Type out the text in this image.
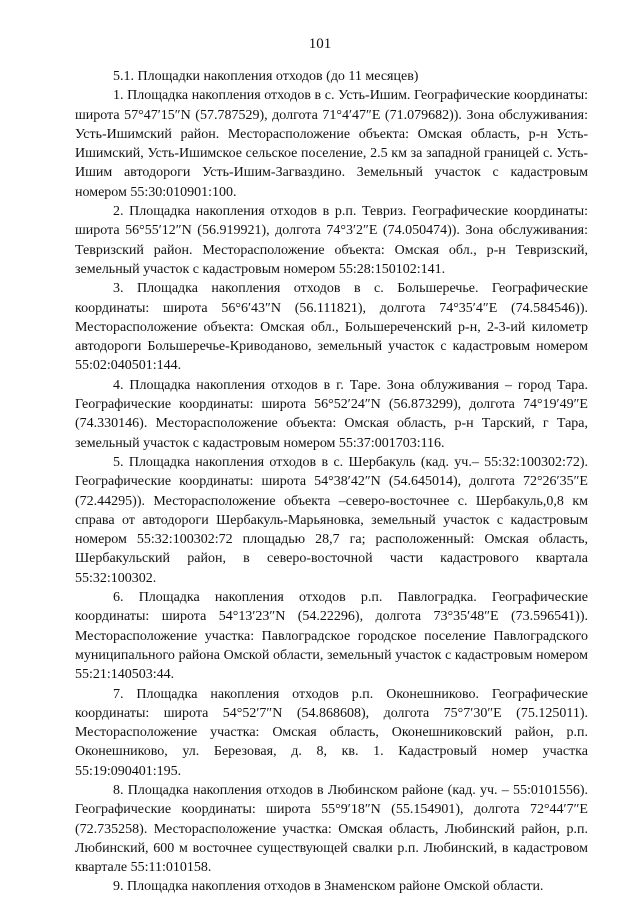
101

5.1. Площадки накопления отходов (до 11 месяцев)

1. Площадка накопления отходов в с. Усть-Ишим. Географические координаты: широта 57°47′15″N (57.787529), долгота 71°4′47″E (71.079682)). Зона обслуживания: Усть-Ишимский район. Месторасположение объекта: Омская область, р-н Усть-Ишимский, Усть-Ишимское сельское поселение, 2.5 км за западной границей с. Усть-Ишим автодороги Усть-Ишим-Загваздино. Земельный участок с кадастровым номером 55:30:010901:100.

2. Площадка накопления отходов в р.п. Тевриз. Географические координаты: широта 56°55′12″N (56.919921), долгота 74°3′2″E (74.050474)). Зона обслуживания: Тевризский район. Месторасположение объекта: Омская обл., р-н Тевризский, земельный участок с кадастровым номером 55:28:150102:141.

3. Площадка накопления отходов в с. Большеречье. Географические координаты: широта 56°6′43″N (56.111821), долгота 74°35′4″E (74.584546)). Месторасположение объекта: Омская обл., Большереченский р-н, 2-3-ий километр автодороги Большеречье-Криводаново, земельный участок с кадастровым номером 55:02:040501:144.

4. Площадка накопления отходов в г. Таре. Зона облуживания – город Тара. Географические координаты: широта 56°52′24″N (56.873299), долгота 74°19′49″E (74.330146). Месторасположение объекта: Омская область, р-н Тарский, г Тара, земельный участок с кадастровым номером 55:37:001703:116.

5. Площадка накопления отходов в с. Шербакуль (кад. уч.– 55:32:100302:72). Географические координаты: широта 54°38′42″N (54.645014), долгота 72°26′35″E (72.44295)). Месторасположение объекта –северо-восточнее с. Шербакуль,0,8 км справа от автодороги Шербакуль-Марьяновка, земельный участок с кадастровым номером 55:32:100302:72 площадью 28,7 га; расположенный: Омская область, Шербакульский район, в северо-восточной части кадастрового квартала 55:32:100302.

6. Площадка накопления отходов р.п. Павлоградка. Географические координаты: широта 54°13′23″N (54.22296), долгота 73°35′48″E (73.596541)). Месторасположение участка: Павлоградское городское поселение Павлоградского муниципального района Омской области, земельный участок с кадастровым номером 55:21:140503:44.

7. Площадка накопления отходов р.п. Оконешниково. Географические координаты: широта 54°52′7″N (54.868608), долгота 75°7′30″E (75.125011). Месторасположение участка: Омская область, Оконешниковский район, р.п. Оконешниково, ул. Березовая, д. 8, кв. 1. Кадастровый номер участка 55:19:090401:195.

8. Площадка накопления отходов в Любинском районе (кад. уч. – 55:0101556). Географические координаты: широта 55°9′18″N (55.154901), долгота 72°44′7″E (72.735258). Месторасположение участка: Омская область, Любинский район, р.п. Любинский, 600 м восточнее существующей свалки р.п. Любинский, в кадастровом квартале 55:11:010158.

9. Площадка накопления отходов в Знаменском районе Омской области.
